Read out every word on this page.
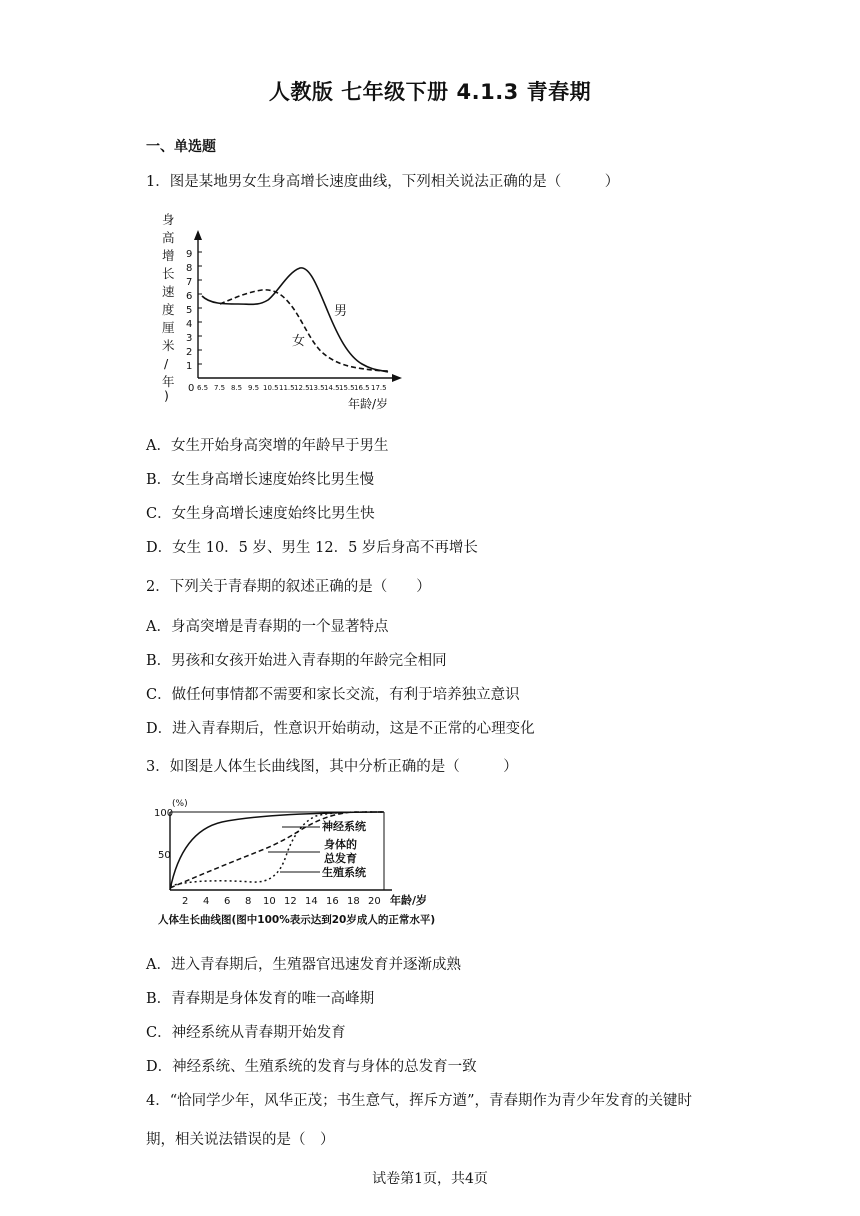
人教版 七年级下册 4.1.3 青春期
一、单选题
1．图是某地男女生身高增长速度曲线，下列相关说法正确的是（　　　）
身
高
增
长
速
度
厘
米
/
年
)
1
2
3
4
5
6
7
8
9
0 6.5 7.5 8.5 9.5 10.5 11.5 12.5 13.5 14.5 15.5 16.5 17.5
男
女
年龄/岁
A．女生开始身高突增的年龄早于男生
B．女生身高增长速度始终比男生慢
C．女生身高增长速度始终比男生快
D．女生 10．5 岁、男生 12．5 岁后身高不再增长
2．下列关于青春期的叙述正确的是（　　）
A．身高突增是青春期的一个显著特点
B．男孩和女孩开始进入青春期的年龄完全相同
C．做任何事情都不需要和家长交流，有利于培养独立意识
D．进入青春期后，性意识开始萌动，这是不正常的心理变化
3．如图是人体生长曲线图，其中分析正确的是（　　　）
(%)
100
50
神经系统
身体的
总发育
生殖系统
2 4 6 8 10 12 14 16 18 20 年龄/岁
人体生长曲线图(图中100%表示达到20岁成人的正常水平)
A．进入青春期后，生殖器官迅速发育并逐渐成熟
B．青春期是身体发育的唯一高峰期
C．神经系统从青春期开始发育
D．神经系统、生殖系统的发育与身体的总发育一致
4．“恰同学少年，风华正茂；书生意气，挥斥方遒”，青春期作为青少年发育的关键时
期，相关说法错误的是（　）
试卷第1页，共4页
